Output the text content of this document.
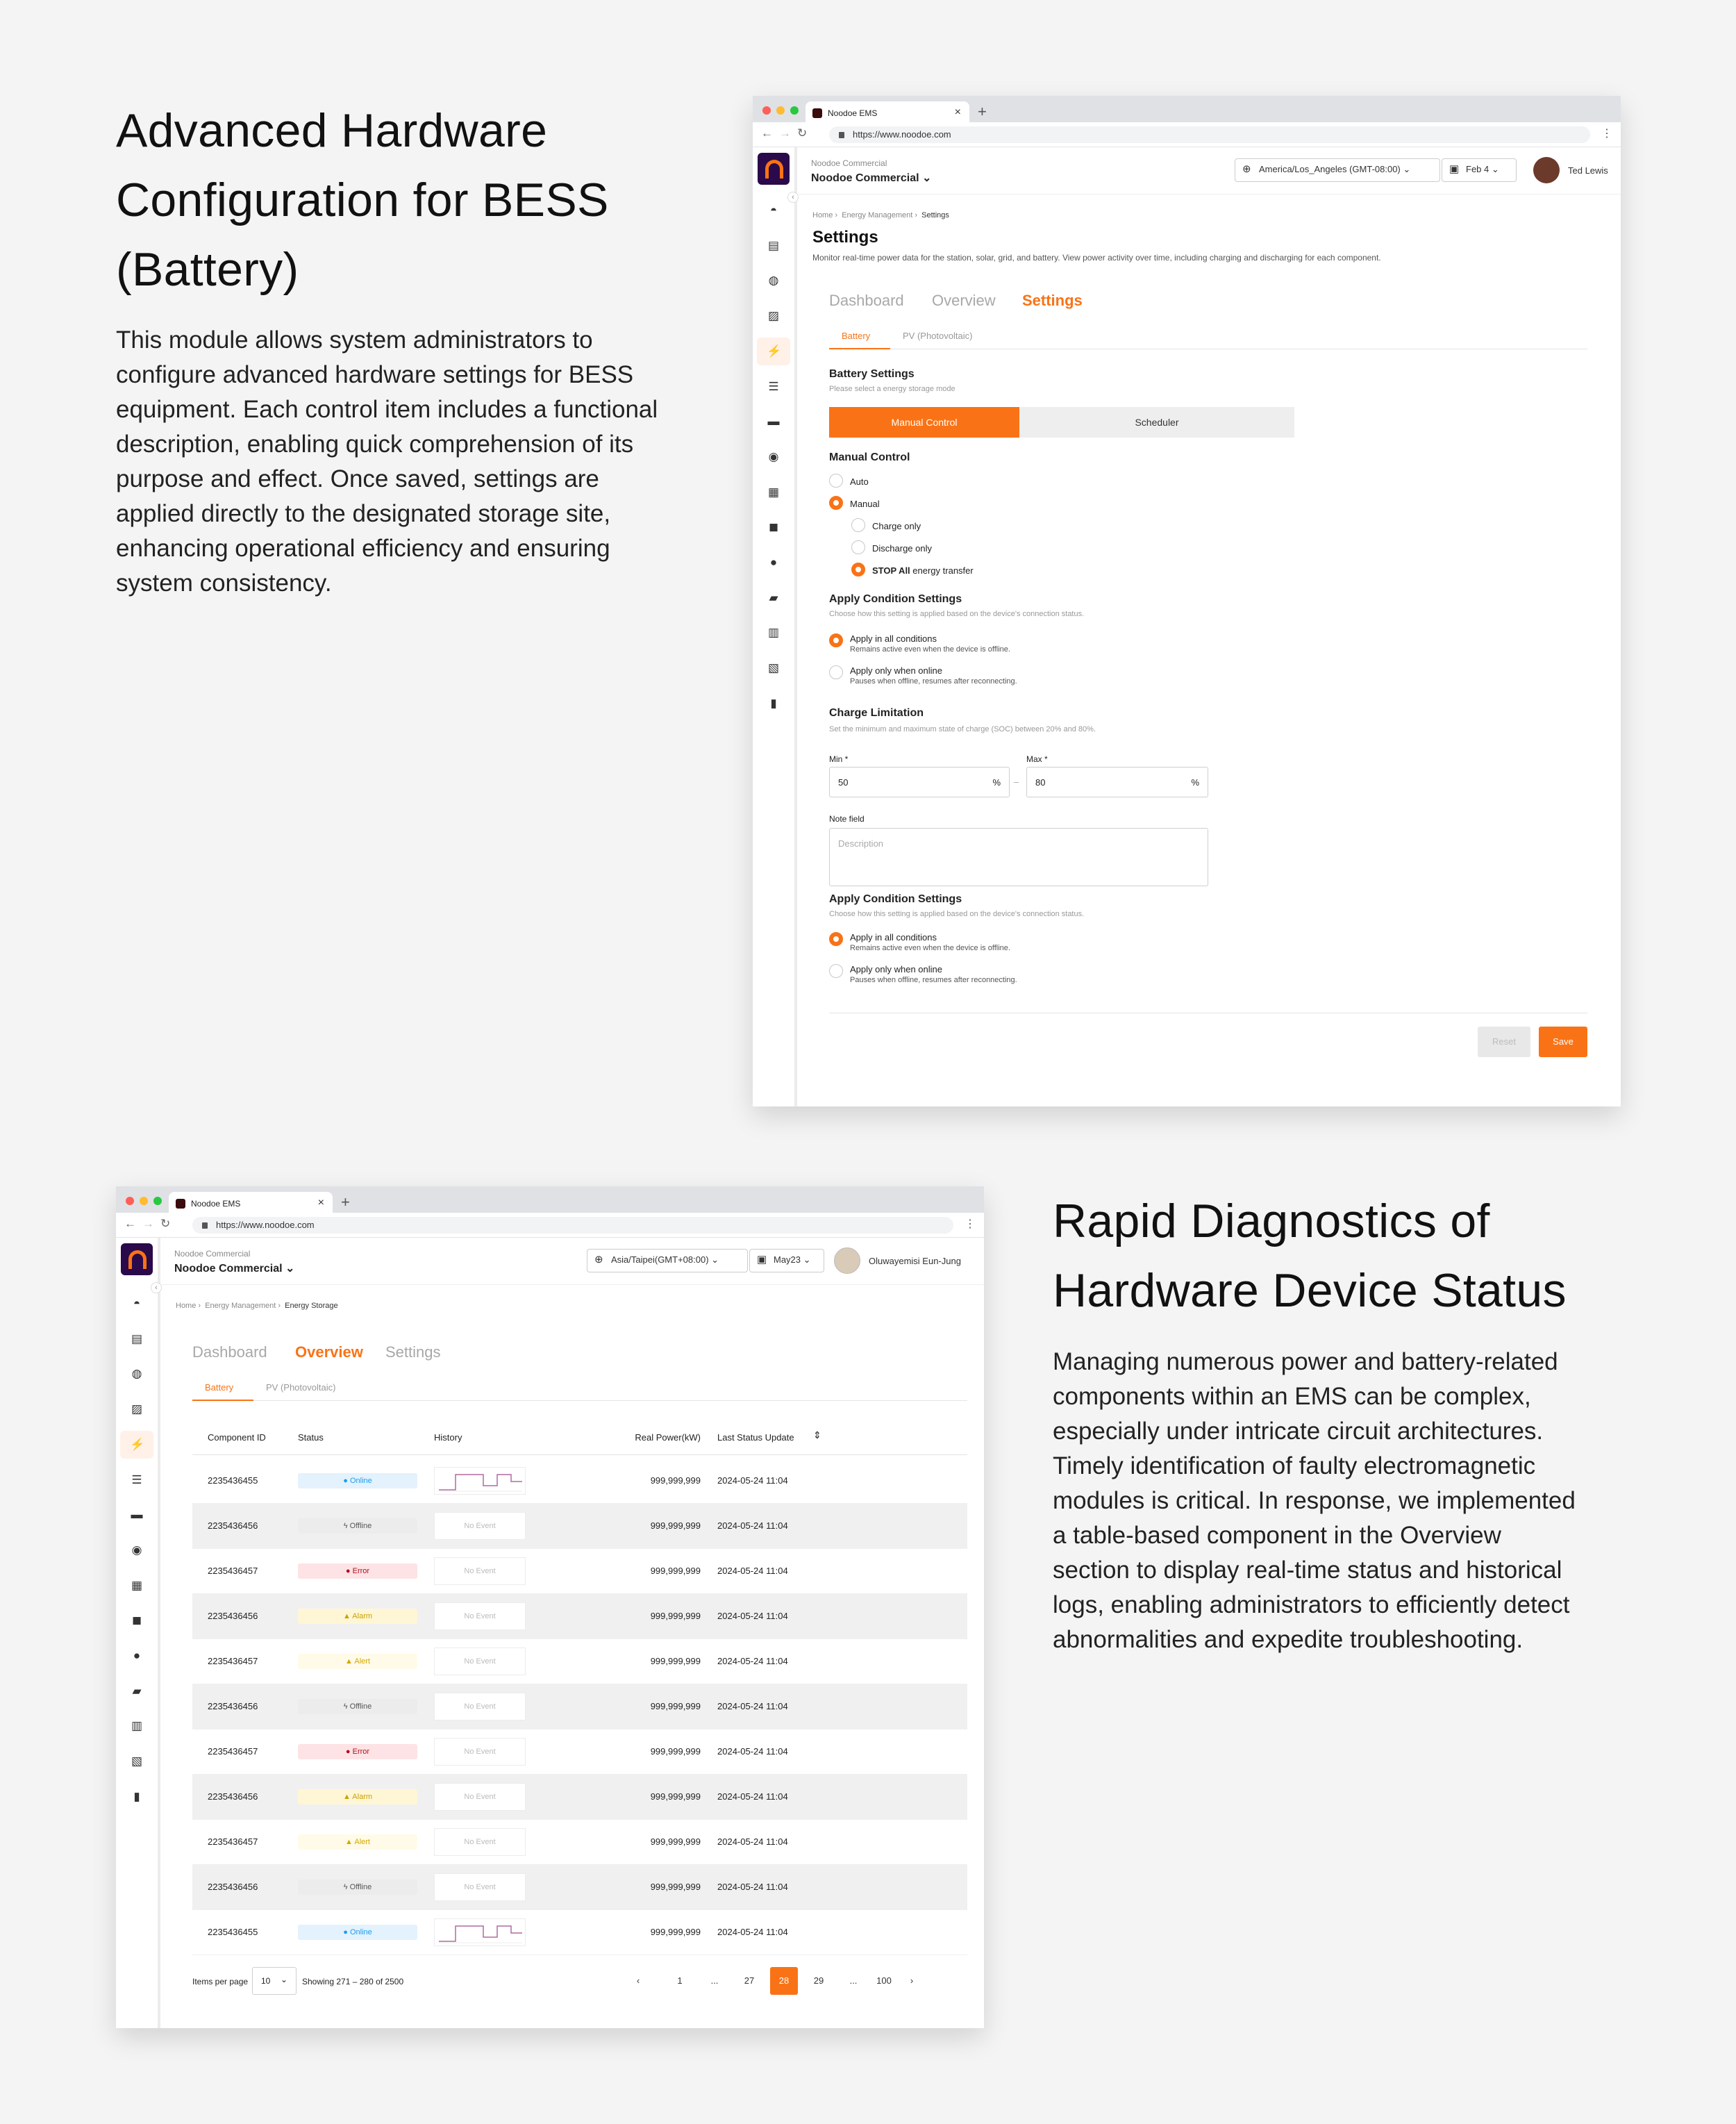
Advanced Hardware
Configuration for BESS
(Battery)
This module allows system administrators to
configure advanced hardware settings for BESS
equipment. Each control item includes a functional
description, enabling quick comprehension of its
purpose and effect. Once saved, settings are
applied directly to the designated storage site,
enhancing operational efficiency and ensuring
system consistency.
Noodoe EMS	× +
← → ↻	https://www.noodoe.com	⋮
‹
◓
▤
◍
▨
⚡
☰
▬
◉
▦
◼
●
▰
▥
▧
▮
Noodoe Commercial
Noodoe Commercial ⌄
⊕ America/Los_Angeles (GMT-08:00) ⌄	▣ Feb 4 ⌄	Ted Lewis
Home ›  Energy Management ›  Settings
Settings
Monitor real-time power data for the station, solar, grid, and battery. View power activity over time, including charging and discharging for each component.
Dashboard Overview Settings
Battery	PV (Photovoltaic)
Battery Settings
Please select a energy storage mode
Manual Control	Scheduler
Manual Control
Auto
Manual
Charge only
Discharge only
STOP All energy transfer
Apply Condition Settings
Choose how this setting is applied based on the device's connection status.
Apply in all conditions
Remains active even when the device is offline.
Apply only when online
Pauses when offline, resumes after reconnecting.
Charge Limitation
Set the minimum and maximum state of charge (SOC) between 20% and 80%.
Min *
50	% –
Max *
80	%
Note field
Description
Apply Condition Settings
Choose how this setting is applied based on the device's connection status.
Apply in all conditions
Remains active even when the device is offline.
Apply only when online
Pauses when offline, resumes after reconnecting.
Reset	Save
Noodoe EMS	× +
← → ↻	https://www.noodoe.com	⋮
‹
◓
▤
◍
▨
⚡
☰
▬
◉
▦
◼
●
▰
▥
▧
▮
Noodoe Commercial
Noodoe Commercial ⌄
⊕ Asia/Taipei(GMT+08:00) ⌄	▣ May23 ⌄	Oluwayemisi Eun-Jung
Home ›  Energy Management ›  Energy Storage
Dashboard Overview Settings
Battery	PV (Photovoltaic)
Component ID	Status	History	Real Power(kW) Last Status Update ⇕
2235436455	● Online	999,999,999 2024-05-24 11:04
2235436456	ϟ Offline	No Event	999,999,999 2024-05-24 11:04
2235436457	● Error	No Event	999,999,999 2024-05-24 11:04
2235436456	▲ Alarm	No Event	999,999,999 2024-05-24 11:04
2235436457	▲ Alert	No Event	999,999,999 2024-05-24 11:04
2235436456	ϟ Offline	No Event	999,999,999 2024-05-24 11:04
2235436457	● Error	No Event	999,999,999 2024-05-24 11:04
2235436456	▲ Alarm	No Event	999,999,999 2024-05-24 11:04
2235436457	▲ Alert	No Event	999,999,999 2024-05-24 11:04
2235436456	ϟ Offline	No Event	999,999,999 2024-05-24 11:04
2235436455	● Online	999,999,999 2024-05-24 11:04
Items per page 10 ⌄ Showing 271 – 280 of 2500	‹	1	...	27	28	29	...	100	›
Rapid Diagnostics of
Hardware Device Status
Managing numerous power and battery-related
components within an EMS can be complex,
especially under intricate circuit architectures.
Timely identification of faulty electromagnetic
modules is critical. In response, we implemented
a table-based component in the Overview
section to display real-time status and historical
logs, enabling administrators to efficiently detect
abnormalities and expedite troubleshooting.
